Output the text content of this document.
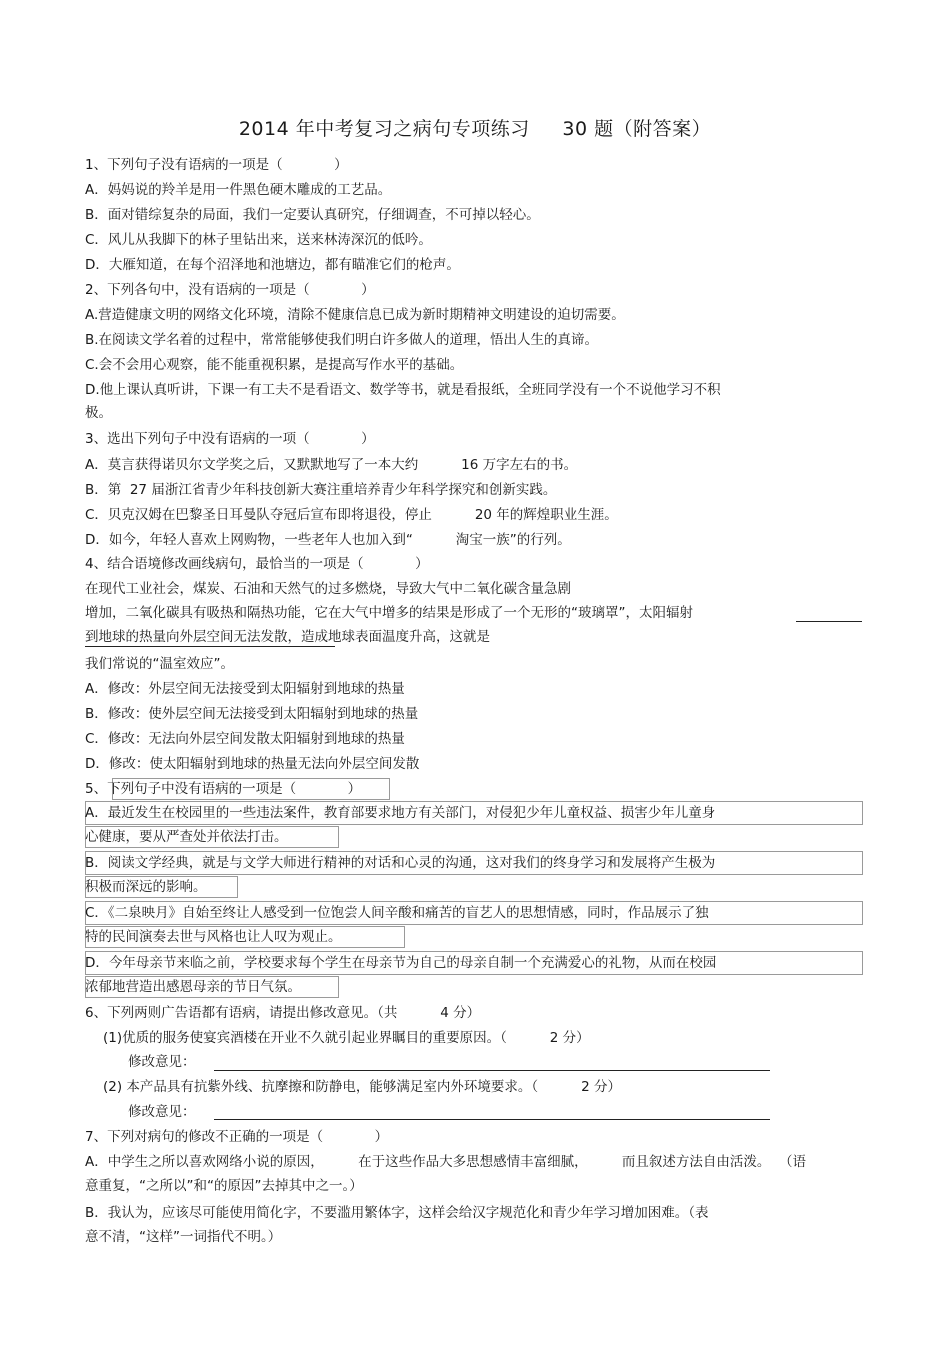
2014 年中考复习之病句专项练习     30 题（附答案）
1、下列句子没有语病的一项是（            ）
A．妈妈说的羚羊是用一件黑色硬木雕成的工艺品。
B．面对错综复杂的局面，我们一定要认真研究，仔细调查，不可掉以轻心。
C．风儿从我脚下的林子里钻出来，送来林涛深沉的低吟。
D．大雁知道，在每个沼泽地和池塘边，都有瞄准它们的枪声。
2、下列各句中，没有语病的一项是（            ）
A.营造健康文明的网络文化环境，清除不健康信息已成为新时期精神文明建设的迫切需要。
B.在阅读文学名着的过程中，常常能够使我们明白许多做人的道理，悟出人生的真谛。
C.会不会用心观察，能不能重视积累，是提高写作水平的基础。
D.他上课认真听讲，下课一有工夫不是看语文、数学等书，就是看报纸，全班同学没有一个不说他学习不积
极。
3、选出下列句子中没有语病的一项（            ）
A．莫言获得诺贝尔文学奖之后，又默默地写了一本大约          16 万字左右的书。
B．第  27 届浙江省青少年科技创新大赛注重培养青少年科学探究和创新实践。
C．贝克汉姆在巴黎圣日耳曼队夺冠后宣布即将退役，停止          20 年的辉煌职业生涯。
D．如今，年轻人喜欢上网购物，一些老年人也加入到“          淘宝一族”的行列。
4、结合语境修改画线病句，最恰当的一项是（            ）
在现代工业社会，煤炭、石油和天然气的过多燃烧，导致大气中二氧化碳含量急剧
增加，二氧化碳具有吸热和隔热功能，它在大气中增多的结果是形成了一个无形的“玻璃罩”，太阳辐射
到地球的热量向外层空间无法发散，造成地球表面温度升高，这就是
我们常说的“温室效应”。
A．修改：外层空间无法接受到太阳辐射到地球的热量
B．修改：使外层空间无法接受到太阳辐射到地球的热量
C．修改：无法向外层空间发散太阳辐射到地球的热量
D．修改：使太阳辐射到地球的热量无法向外层空间发散
5、下列句子中没有语病的一项是（            ）
A．最近发生在校园里的一些违法案件，教育部要求地方有关部门，对侵犯少年儿童权益、损害少年儿童身
心健康，要从严查处并依法打击。
B．阅读文学经典，就是与文学大师进行精神的对话和心灵的沟通，这对我们的终身学习和发展将产生极为
积极而深远的影响。
C．《二泉映月》自始至终让人感受到一位饱尝人间辛酸和痛苦的盲艺人的思想情感，同时，作品展示了独
特的民间演奏去世与风格也让人叹为观止。
D．今年母亲节来临之前，学校要求每个学生在母亲节为自己的母亲自制一个充满爱心的礼物，从而在校园
浓郁地营造出感恩母亲的节日气氛。
6、下列两则广告语都有语病，请提出修改意见。（共          4 分）
(1)优质的服务使宴宾酒楼在开业不久就引起业界瞩目的重要原因。（          2 分）
修改意见：
(2) 本产品具有抗紫外线、抗摩擦和防静电，能够满足室内外环境要求。（          2 分）
修改意见：
7、下列对病句的修改不正确的一项是（            ）
A．中学生之所以喜欢网络小说的原因，        在于这些作品大多思想感情丰富细腻，        而且叙述方法自由活泼。  （语
意重复，“之所以”和“的原因”去掉其中之一。）
B．我认为，应该尽可能使用简化字，不要滥用繁体字，这样会给汉字规范化和青少年学习增加困难。（表
意不清，“这样”一词指代不明。）
